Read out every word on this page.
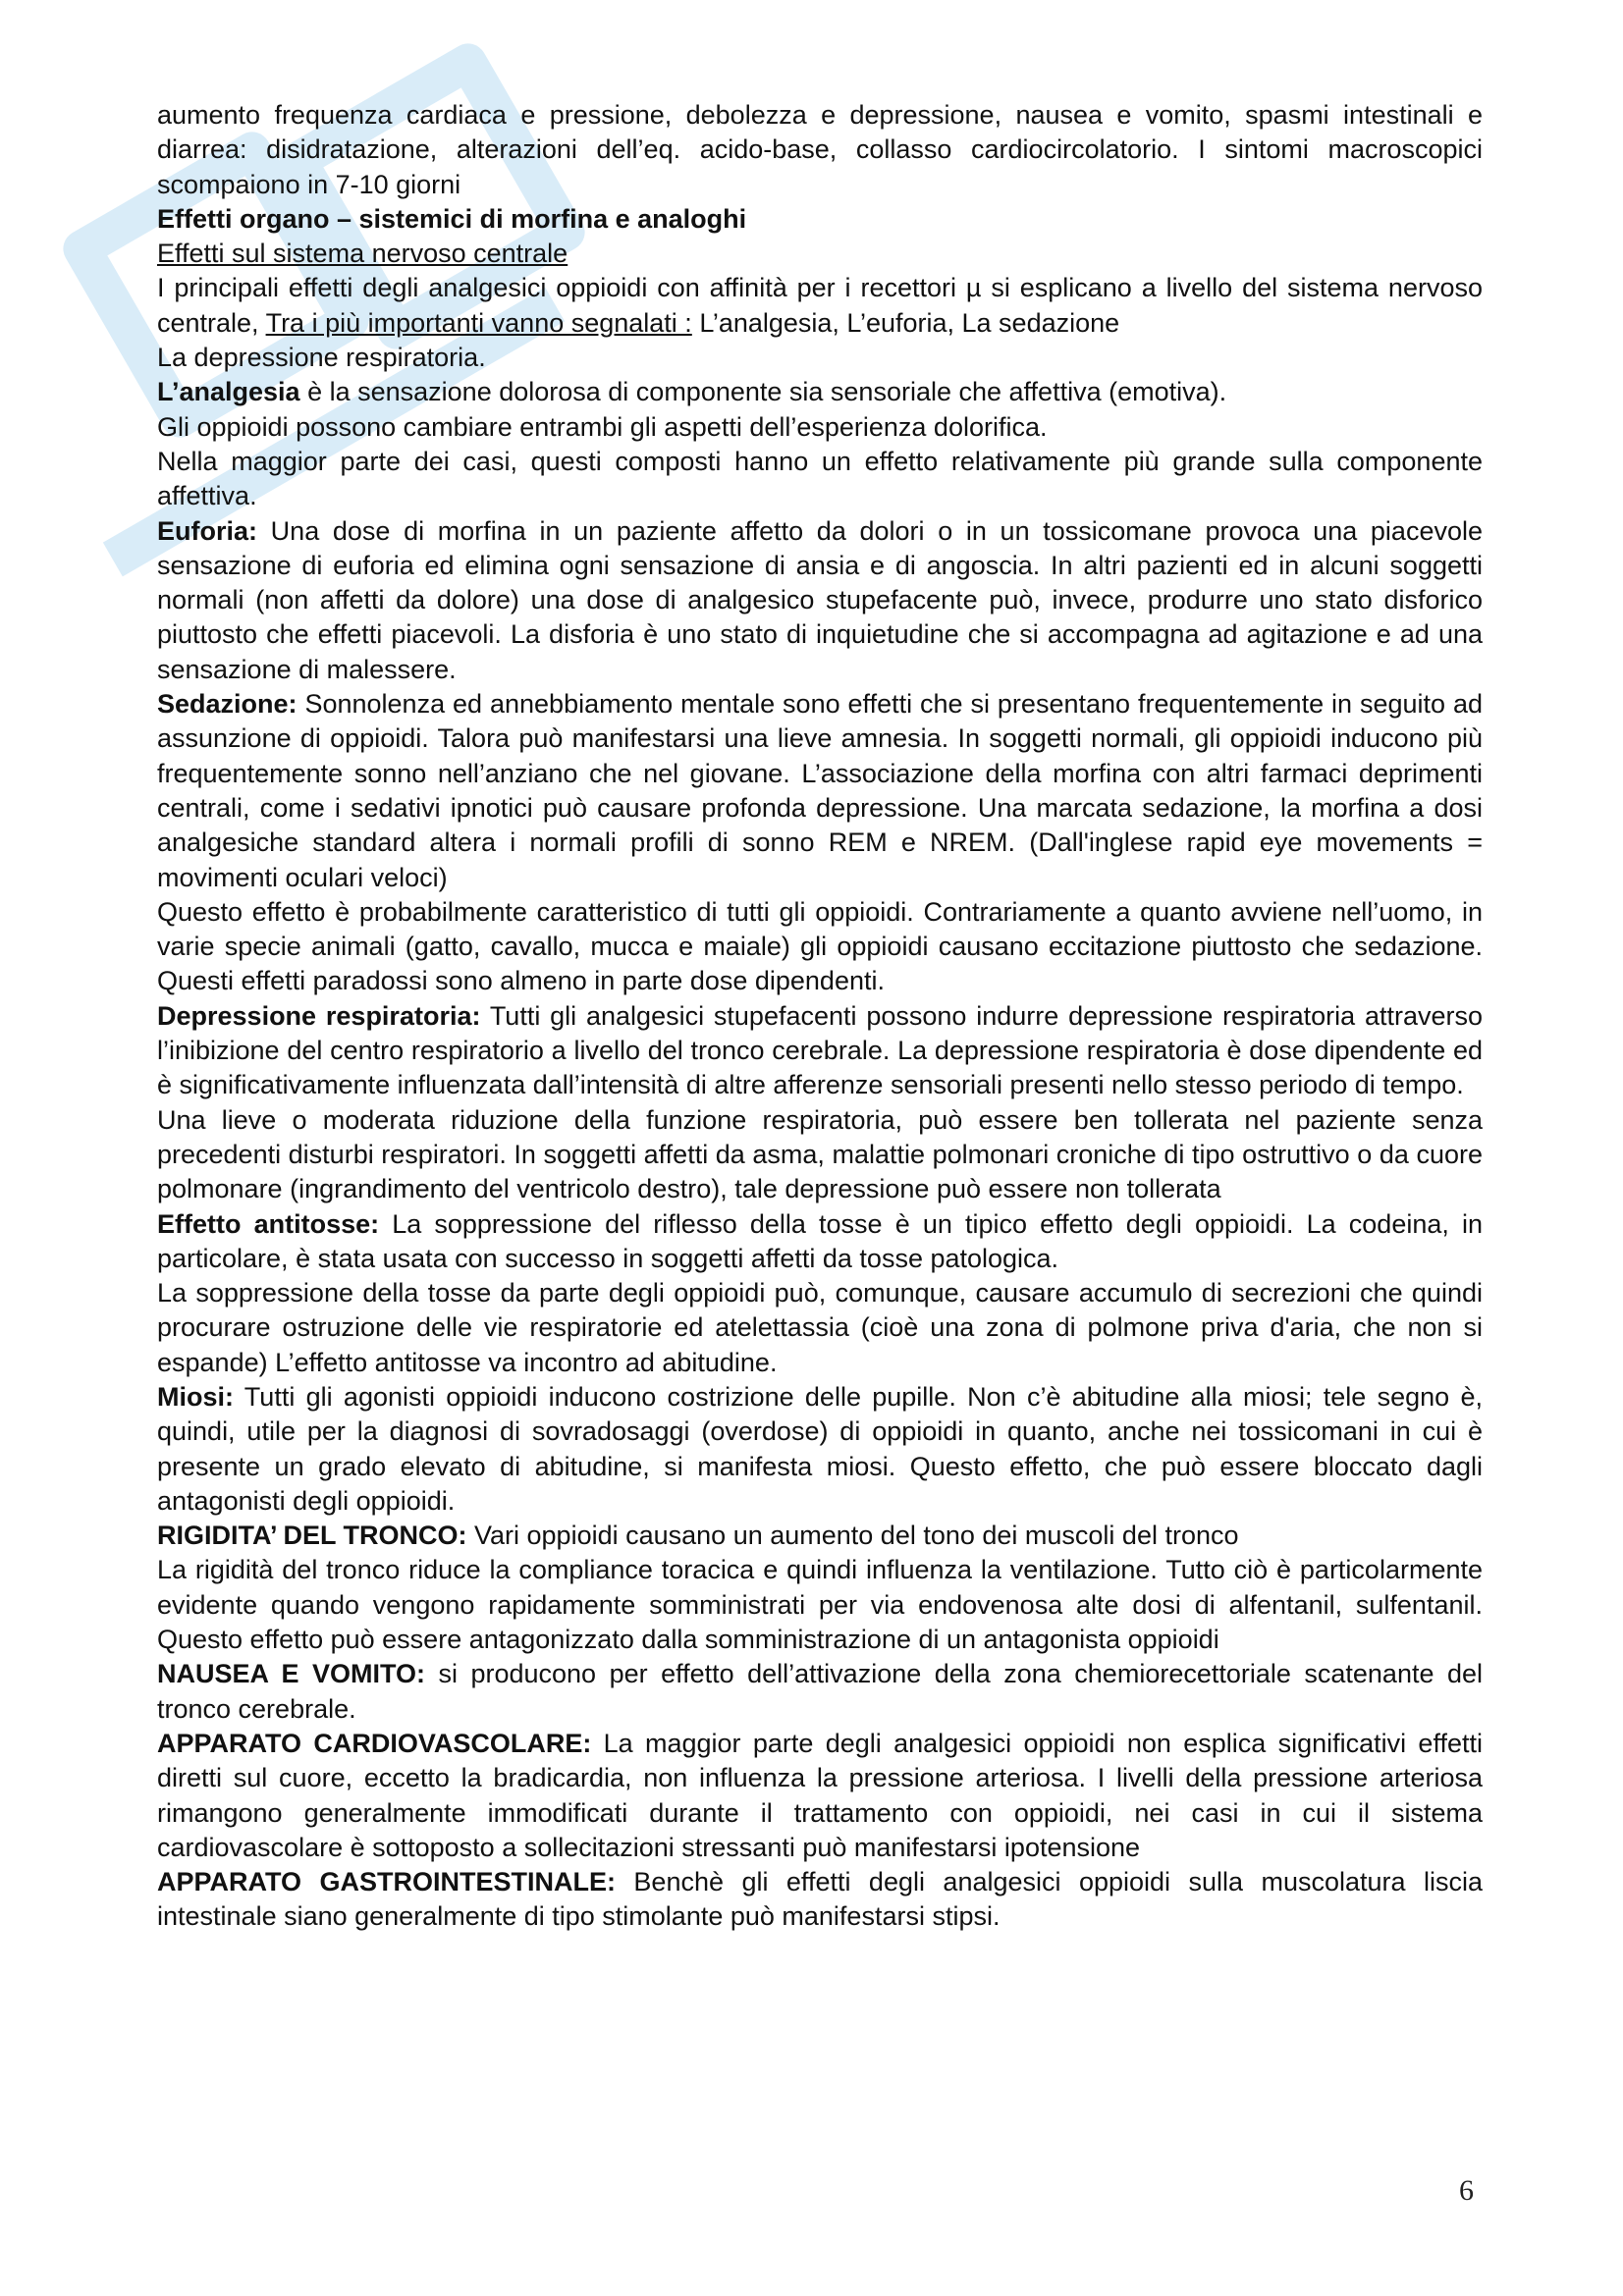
aumento frequenza cardiaca e pressione, debolezza e depressione, nausea e vomito, spasmi intestinali e diarrea: disidratazione, alterazioni dell’eq. acido-base, collasso cardiocircolatorio. I sintomi macroscopici scompaiono in 7-10 giorni

Effetti organo – sistemici di morfina e analoghi

Effetti sul sistema nervoso centrale

I principali effetti degli analgesici oppioidi con affinità per i recettori µ si esplicano a livello del sistema nervoso centrale, Tra i più importanti vanno segnalati : L’analgesia, L’euforia, La sedazione

La depressione respiratoria.

L’analgesia è la sensazione dolorosa di componente sia sensoriale che affettiva (emotiva).

Gli oppioidi possono cambiare entrambi gli aspetti dell’esperienza dolorifica.

Nella maggior parte dei casi, questi composti hanno un effetto relativamente più grande sulla componente affettiva.

Euforia: Una dose di morfina in un paziente affetto da dolori o in un tossicomane provoca una piacevole sensazione di euforia ed elimina ogni sensazione di ansia e di angoscia. In altri pazienti ed in alcuni soggetti normali (non affetti da dolore) una dose di analgesico stupefacente può, invece, produrre uno stato disforico piuttosto che effetti piacevoli. La disforia è uno stato di inquietudine che si accompagna ad agitazione e ad una sensazione di malessere.

Sedazione: Sonnolenza ed annebbiamento mentale sono effetti che si presentano frequentemente in seguito ad assunzione di oppioidi. Talora può manifestarsi una lieve amnesia. In soggetti normali, gli oppioidi inducono più frequentemente sonno nell’anziano che nel giovane. L’associazione della morfina con altri farmaci deprimenti centrali, come i sedativi ipnotici può causare profonda depressione. Una marcata sedazione, la morfina a dosi analgesiche standard altera i normali profili di sonno REM e NREM. (Dall'inglese rapid eye movements = movimenti oculari veloci)

Questo effetto è probabilmente caratteristico di tutti gli oppioidi. Contrariamente a quanto avviene nell’uomo, in varie specie animali (gatto, cavallo, mucca e maiale) gli oppioidi causano eccitazione piuttosto che sedazione. Questi effetti paradossi sono almeno in parte dose dipendenti.

Depressione respiratoria: Tutti gli analgesici stupefacenti possono indurre depressione respiratoria attraverso l’inibizione del centro respiratorio a livello del tronco cerebrale. La depressione respiratoria è dose dipendente ed è significativamente influenzata dall’intensità di altre afferenze sensoriali presenti nello stesso periodo di tempo.

Una lieve o moderata riduzione della funzione respiratoria, può essere ben tollerata nel paziente senza precedenti disturbi respiratori. In soggetti affetti da asma, malattie polmonari croniche di tipo ostruttivo o da cuore polmonare (ingrandimento del ventricolo destro), tale depressione può essere non tollerata

Effetto antitosse: La soppressione del riflesso della tosse è un tipico effetto degli oppioidi. La codeina, in particolare, è stata usata con successo in soggetti affetti da tosse patologica.

La soppressione della tosse da parte degli oppioidi può, comunque, causare accumulo di secrezioni che quindi procurare ostruzione delle vie respiratorie ed atelettassia (cioè una zona di polmone priva d'aria, che non si espande) L’effetto antitosse va incontro ad abitudine.

Miosi: Tutti gli agonisti oppioidi inducono costrizione delle pupille. Non c’è abitudine alla miosi; tele segno è, quindi, utile per la diagnosi di sovradosaggi (overdose) di oppioidi in quanto, anche nei tossicomani in cui è presente un grado elevato di abitudine, si manifesta miosi. Questo effetto, che può essere bloccato dagli antagonisti degli oppioidi.

RIGIDITA’ DEL TRONCO: Vari oppioidi causano un aumento del tono dei muscoli del tronco

La rigidità del tronco riduce la compliance toracica e quindi influenza la ventilazione. Tutto ciò è particolarmente evidente quando vengono rapidamente somministrati per via endovenosa alte dosi di alfentanil, sulfentanil. Questo effetto può essere antagonizzato dalla somministrazione di un antagonista oppioidi

NAUSEA E VOMITO: si producono per effetto dell’attivazione della zona chemiorecettoriale scatenante del tronco cerebrale.

APPARATO CARDIOVASCOLARE: La maggior parte degli analgesici oppioidi non esplica significativi effetti diretti sul cuore, eccetto la bradicardia, non influenza la pressione arteriosa. I livelli della pressione arteriosa rimangono generalmente immodificati durante il trattamento con oppioidi, nei casi in cui il sistema cardiovascolare è sottoposto a sollecitazioni stressanti può manifestarsi ipotensione

APPARATO GASTROINTESTINALE: Benchè gli effetti degli analgesici oppioidi sulla muscolatura liscia intestinale siano generalmente di tipo stimolante può manifestarsi stipsi.

6
